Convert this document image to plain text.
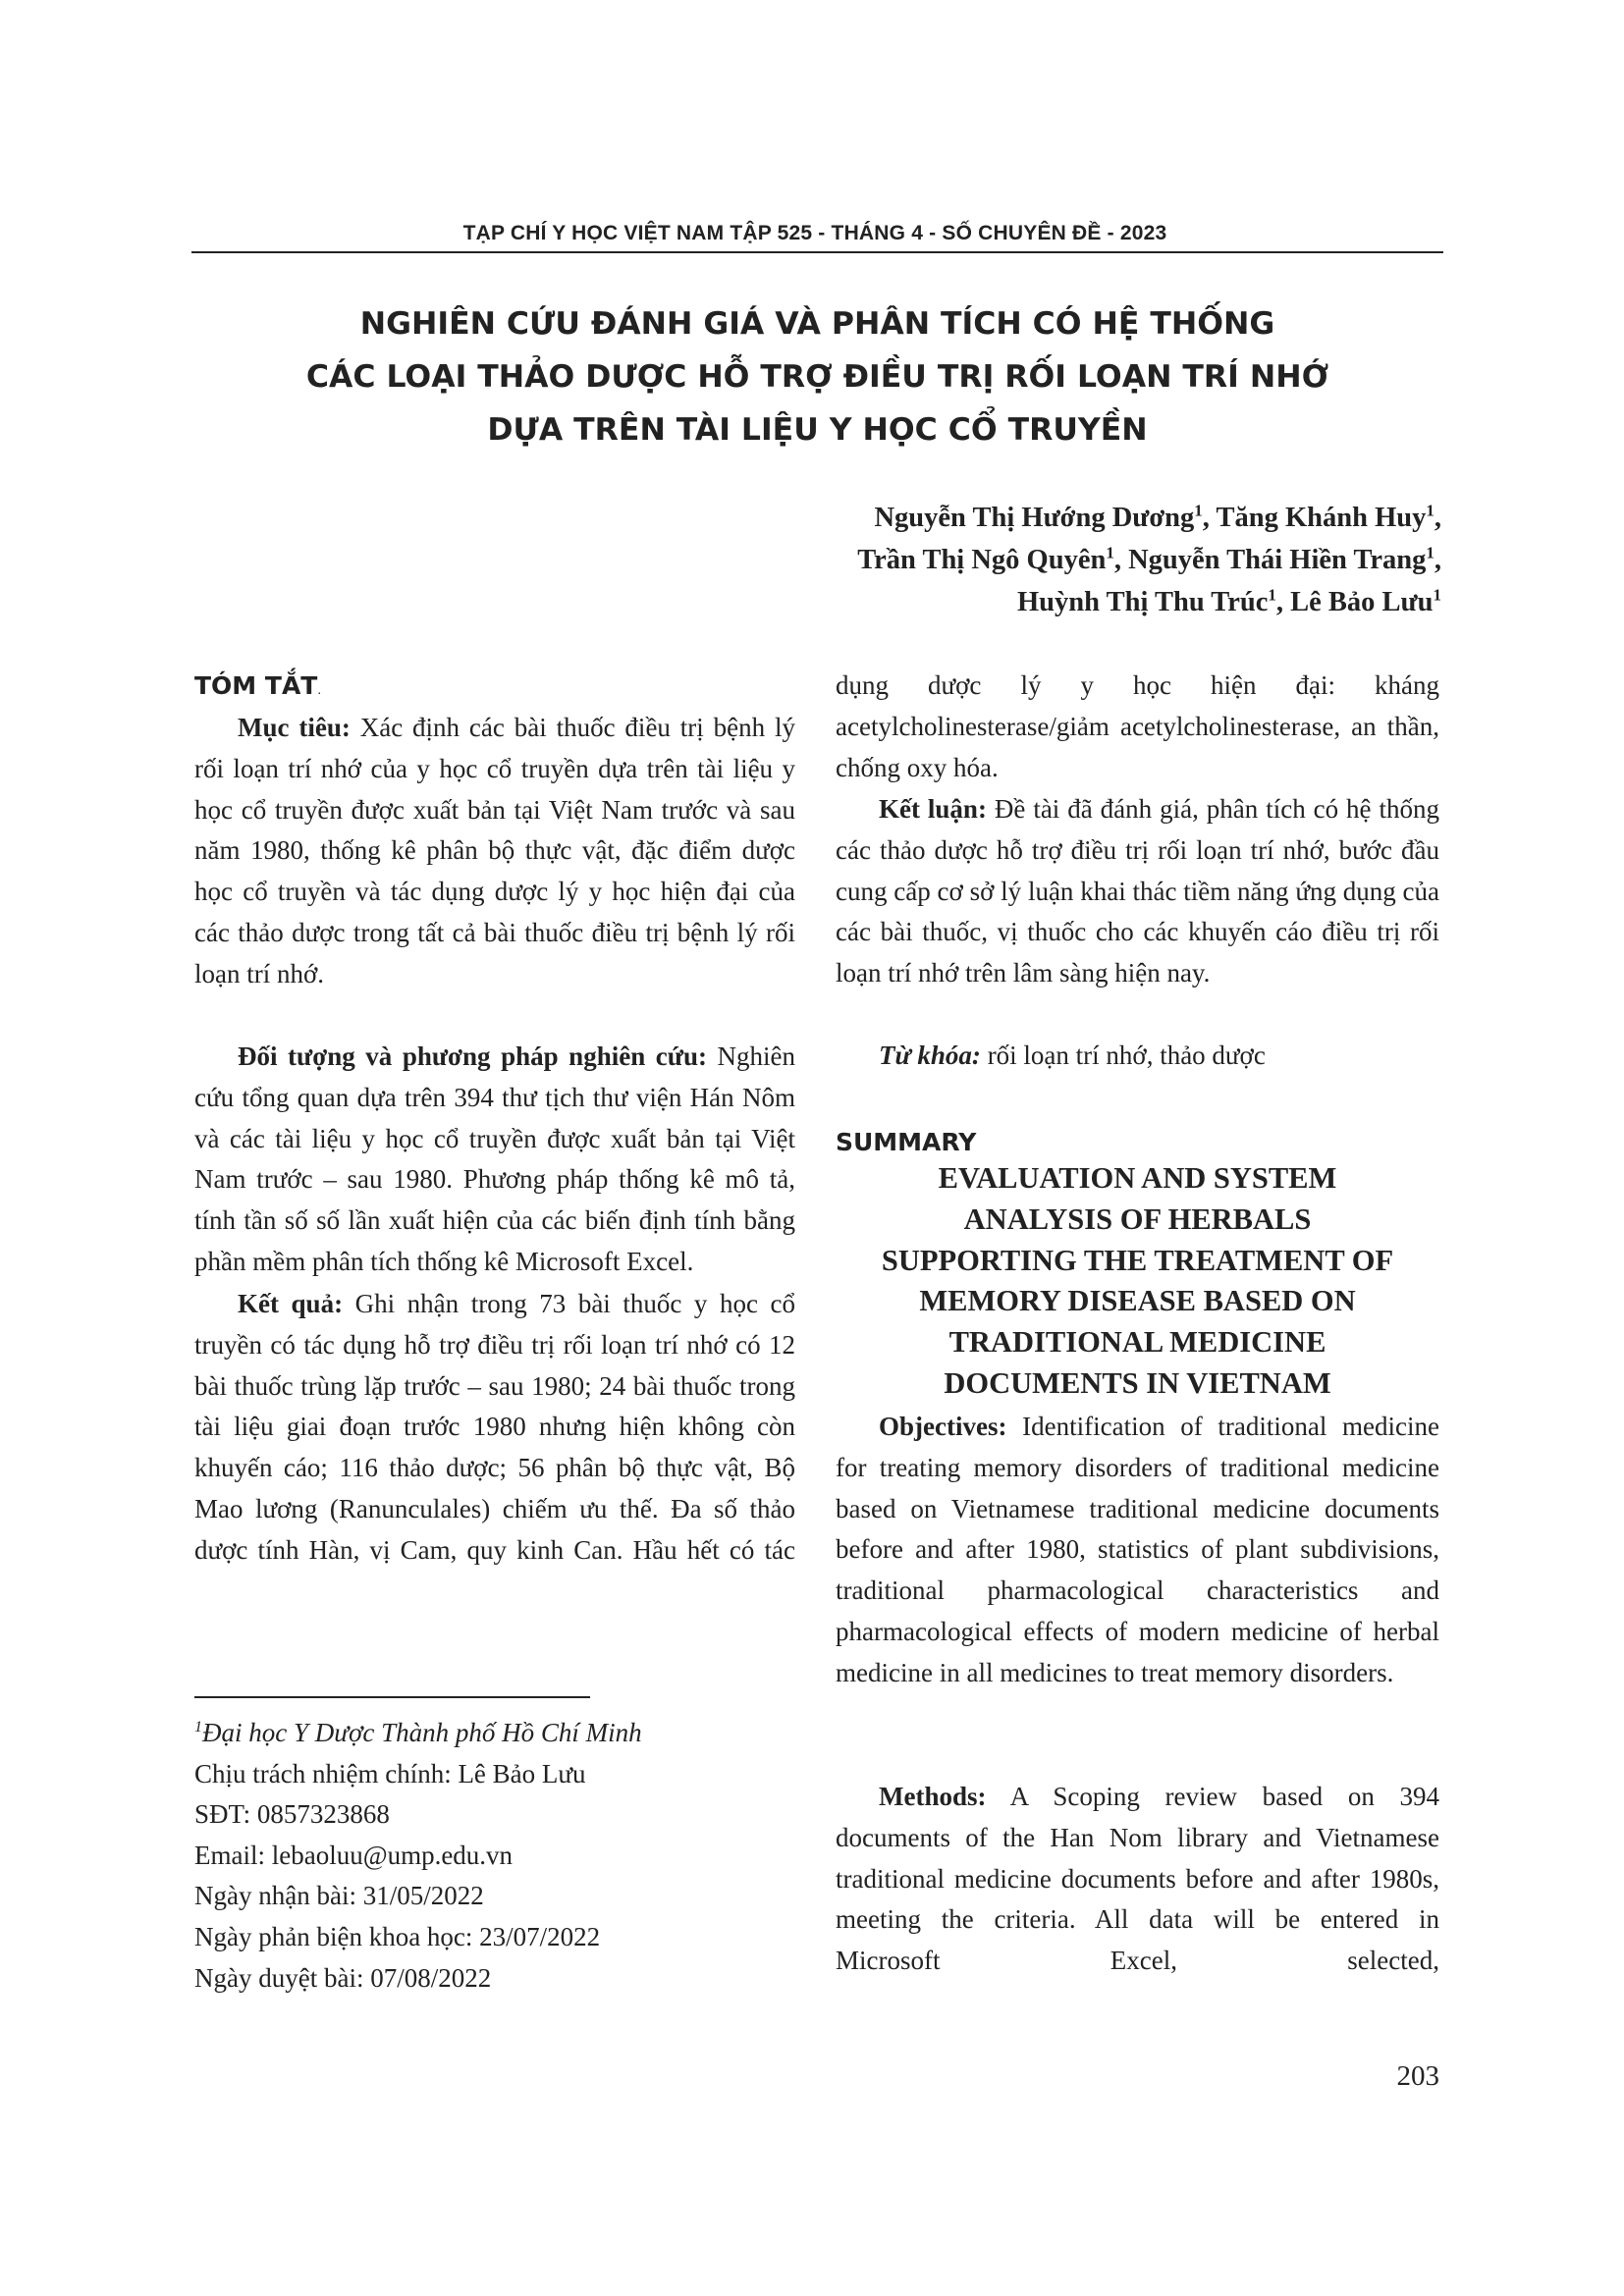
TẠP CHÍ Y HỌC VIỆT NAM TẬP 525 - THÁNG 4 - SỐ CHUYÊN ĐỀ - 2023
NGHIÊN CỨU ĐÁNH GIÁ VÀ PHÂN TÍCH CÓ HỆ THỐNG
CÁC LOẠI THẢO DƯỢC HỖ TRỢ ĐIỀU TRỊ RỐI LOẠN TRÍ NHỚ
DỰA TRÊN TÀI LIỆU Y HỌC CỔ TRUYỀN
Nguyễn Thị Hướng Dương$^1$, Tăng Khánh Huy$^1$,
Trần Thị Ngô Quyên$^1$, Nguyễn Thái Hiền Trang$^1$,
Huỳnh Thị Thu Trúc$^1$, Lê Bảo Lưu$^1$
TÓM TẮT.

Mục tiêu: Xác định các bài thuốc điều trị bệnh lý rối loạn trí nhớ của y học cổ truyền dựa trên tài liệu y học cổ truyền được xuất bản tại Việt Nam trước và sau năm 1980, thống kê phân bộ thực vật, đặc điểm dược học cổ truyền và tác dụng dược lý y học hiện đại của các thảo dược trong tất cả bài thuốc điều trị bệnh lý rối loạn trí nhớ.

Đối tượng và phương pháp nghiên cứu: Nghiên cứu tổng quan dựa trên 394 thư tịch thư viện Hán Nôm và các tài liệu y học cổ truyền được xuất bản tại Việt Nam trước – sau 1980. Phương pháp thống kê mô tả, tính tần số số lần xuất hiện của các biến định tính bằng phần mềm phân tích thống kê Microsoft Excel.

Kết quả: Ghi nhận trong 73 bài thuốc y học cổ truyền có tác dụng hỗ trợ điều trị rối loạn trí nhớ có 12 bài thuốc trùng lặp trước – sau 1980; 24 bài thuốc trong tài liệu giai đoạn trước 1980 nhưng hiện không còn khuyến cáo; 116 thảo dược; 56 phân bộ thực vật, Bộ Mao lương (Ranunculales) chiếm ưu thế. Đa số thảo dược tính Hàn, vị Cam, quy kinh Can. Hầu hết có tác

$^1$Đại học Y Dược Thành phố Hồ Chí Minh
Chịu trách nhiệm chính: Lê Bảo Lưu
SĐT: 0857323868
Email: lebaoluu@ump.edu.vn
Ngày nhận bài: 31/05/2022
Ngày phản biện khoa học: 23/07/2022
Ngày duyệt bài: 07/08/2022

dụng dược lý y học hiện đại: kháng acetylcholinesterase/giảm acetylcholinesterase, an thần, chống oxy hóa.

Kết luận: Đề tài đã đánh giá, phân tích có hệ thống các thảo dược hỗ trợ điều trị rối loạn trí nhớ, bước đầu cung cấp cơ sở lý luận khai thác tiềm năng ứng dụng của các bài thuốc, vị thuốc cho các khuyến cáo điều trị rối loạn trí nhớ trên lâm sàng hiện nay.

Từ khóa: rối loạn trí nhớ, thảo dược

SUMMARY
EVALUATION AND SYSTEM
ANALYSIS OF HERBALS
SUPPORTING THE TREATMENT OF
MEMORY DISEASE BASED ON
TRADITIONAL MEDICINE
DOCUMENTS IN VIETNAM

Objectives: Identification of traditional medicine for treating memory disorders of traditional medicine based on Vietnamese traditional medicine documents before and after 1980, statistics of plant subdivisions, traditional pharmacological characteristics and pharmacological effects of modern medicine of herbal medicine in all medicines to treat memory disorders.

Methods: A Scoping review based on 394 documents of the Han Nom library and Vietnamese traditional medicine documents before and after 1980s, meeting the criteria. All data will be entered in Microsoft Excel, selected,

203
